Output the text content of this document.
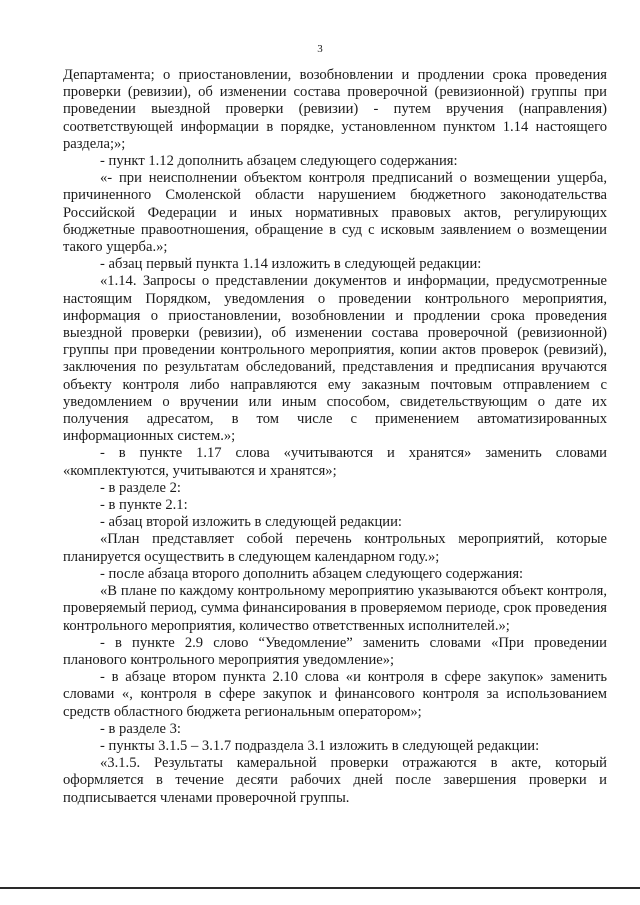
3

Департамента; о приостановлении, возобновлении и продлении срока проведения проверки (ревизии), об изменении состава проверочной (ревизионной) группы при проведении выездной проверки (ревизии) - путем вручения (направления) соответствующей информации в порядке, установленном пунктом 1.14 настоящего раздела;»;

- пункт 1.12 дополнить абзацем следующего содержания:

«- при неисполнении объектом контроля предписаний о возмещении ущерба, причиненного Смоленской области нарушением бюджетного законодательства Российской Федерации и иных нормативных правовых актов, регулирующих бюджетные правоотношения, обращение в суд с исковым заявлением о возмещении такого ущерба.»;

- абзац первый пункта 1.14 изложить в следующей редакции:

«1.14. Запросы о представлении документов и информации, предусмотренные настоящим Порядком, уведомления о проведении контрольного мероприятия, информация о приостановлении, возобновлении и продлении срока проведения выездной проверки (ревизии), об изменении состава проверочной (ревизионной) группы при проведении контрольного мероприятия, копии актов проверок (ревизий), заключения по результатам обследований, представления и предписания вручаются объекту контроля либо направляются ему заказным почтовым отправлением с уведомлением о вручении или иным способом, свидетельствующим о дате их получения адресатом, в том числе с применением автоматизированных информационных систем.»;

- в пункте 1.17 слова «учитываются и хранятся» заменить словами «комплектуются, учитываются и хранятся»;

- в разделе 2:

- в пункте 2.1:

- абзац второй изложить в следующей редакции:

«План представляет собой перечень контрольных мероприятий, которые планируется осуществить в следующем календарном году.»;

- после абзаца второго дополнить абзацем следующего содержания:

«В плане по каждому контрольному мероприятию указываются объект контроля, проверяемый период, сумма финансирования в проверяемом периоде, срок проведения контрольного мероприятия, количество ответственных исполнителей.»;

- в пункте 2.9 слово “Уведомление” заменить словами «При проведении планового контрольного мероприятия уведомление»;

- в абзаце втором пункта 2.10 слова «и контроля в сфере закупок» заменить словами «, контроля в сфере закупок и финансового контроля за использованием средств областного бюджета региональным оператором»;

- в разделе 3:

- пункты 3.1.5 – 3.1.7 подраздела 3.1 изложить в следующей редакции:

«3.1.5. Результаты камеральной проверки отражаются в акте, который оформляется в течение десяти рабочих дней после завершения проверки и подписывается членами проверочной группы.
